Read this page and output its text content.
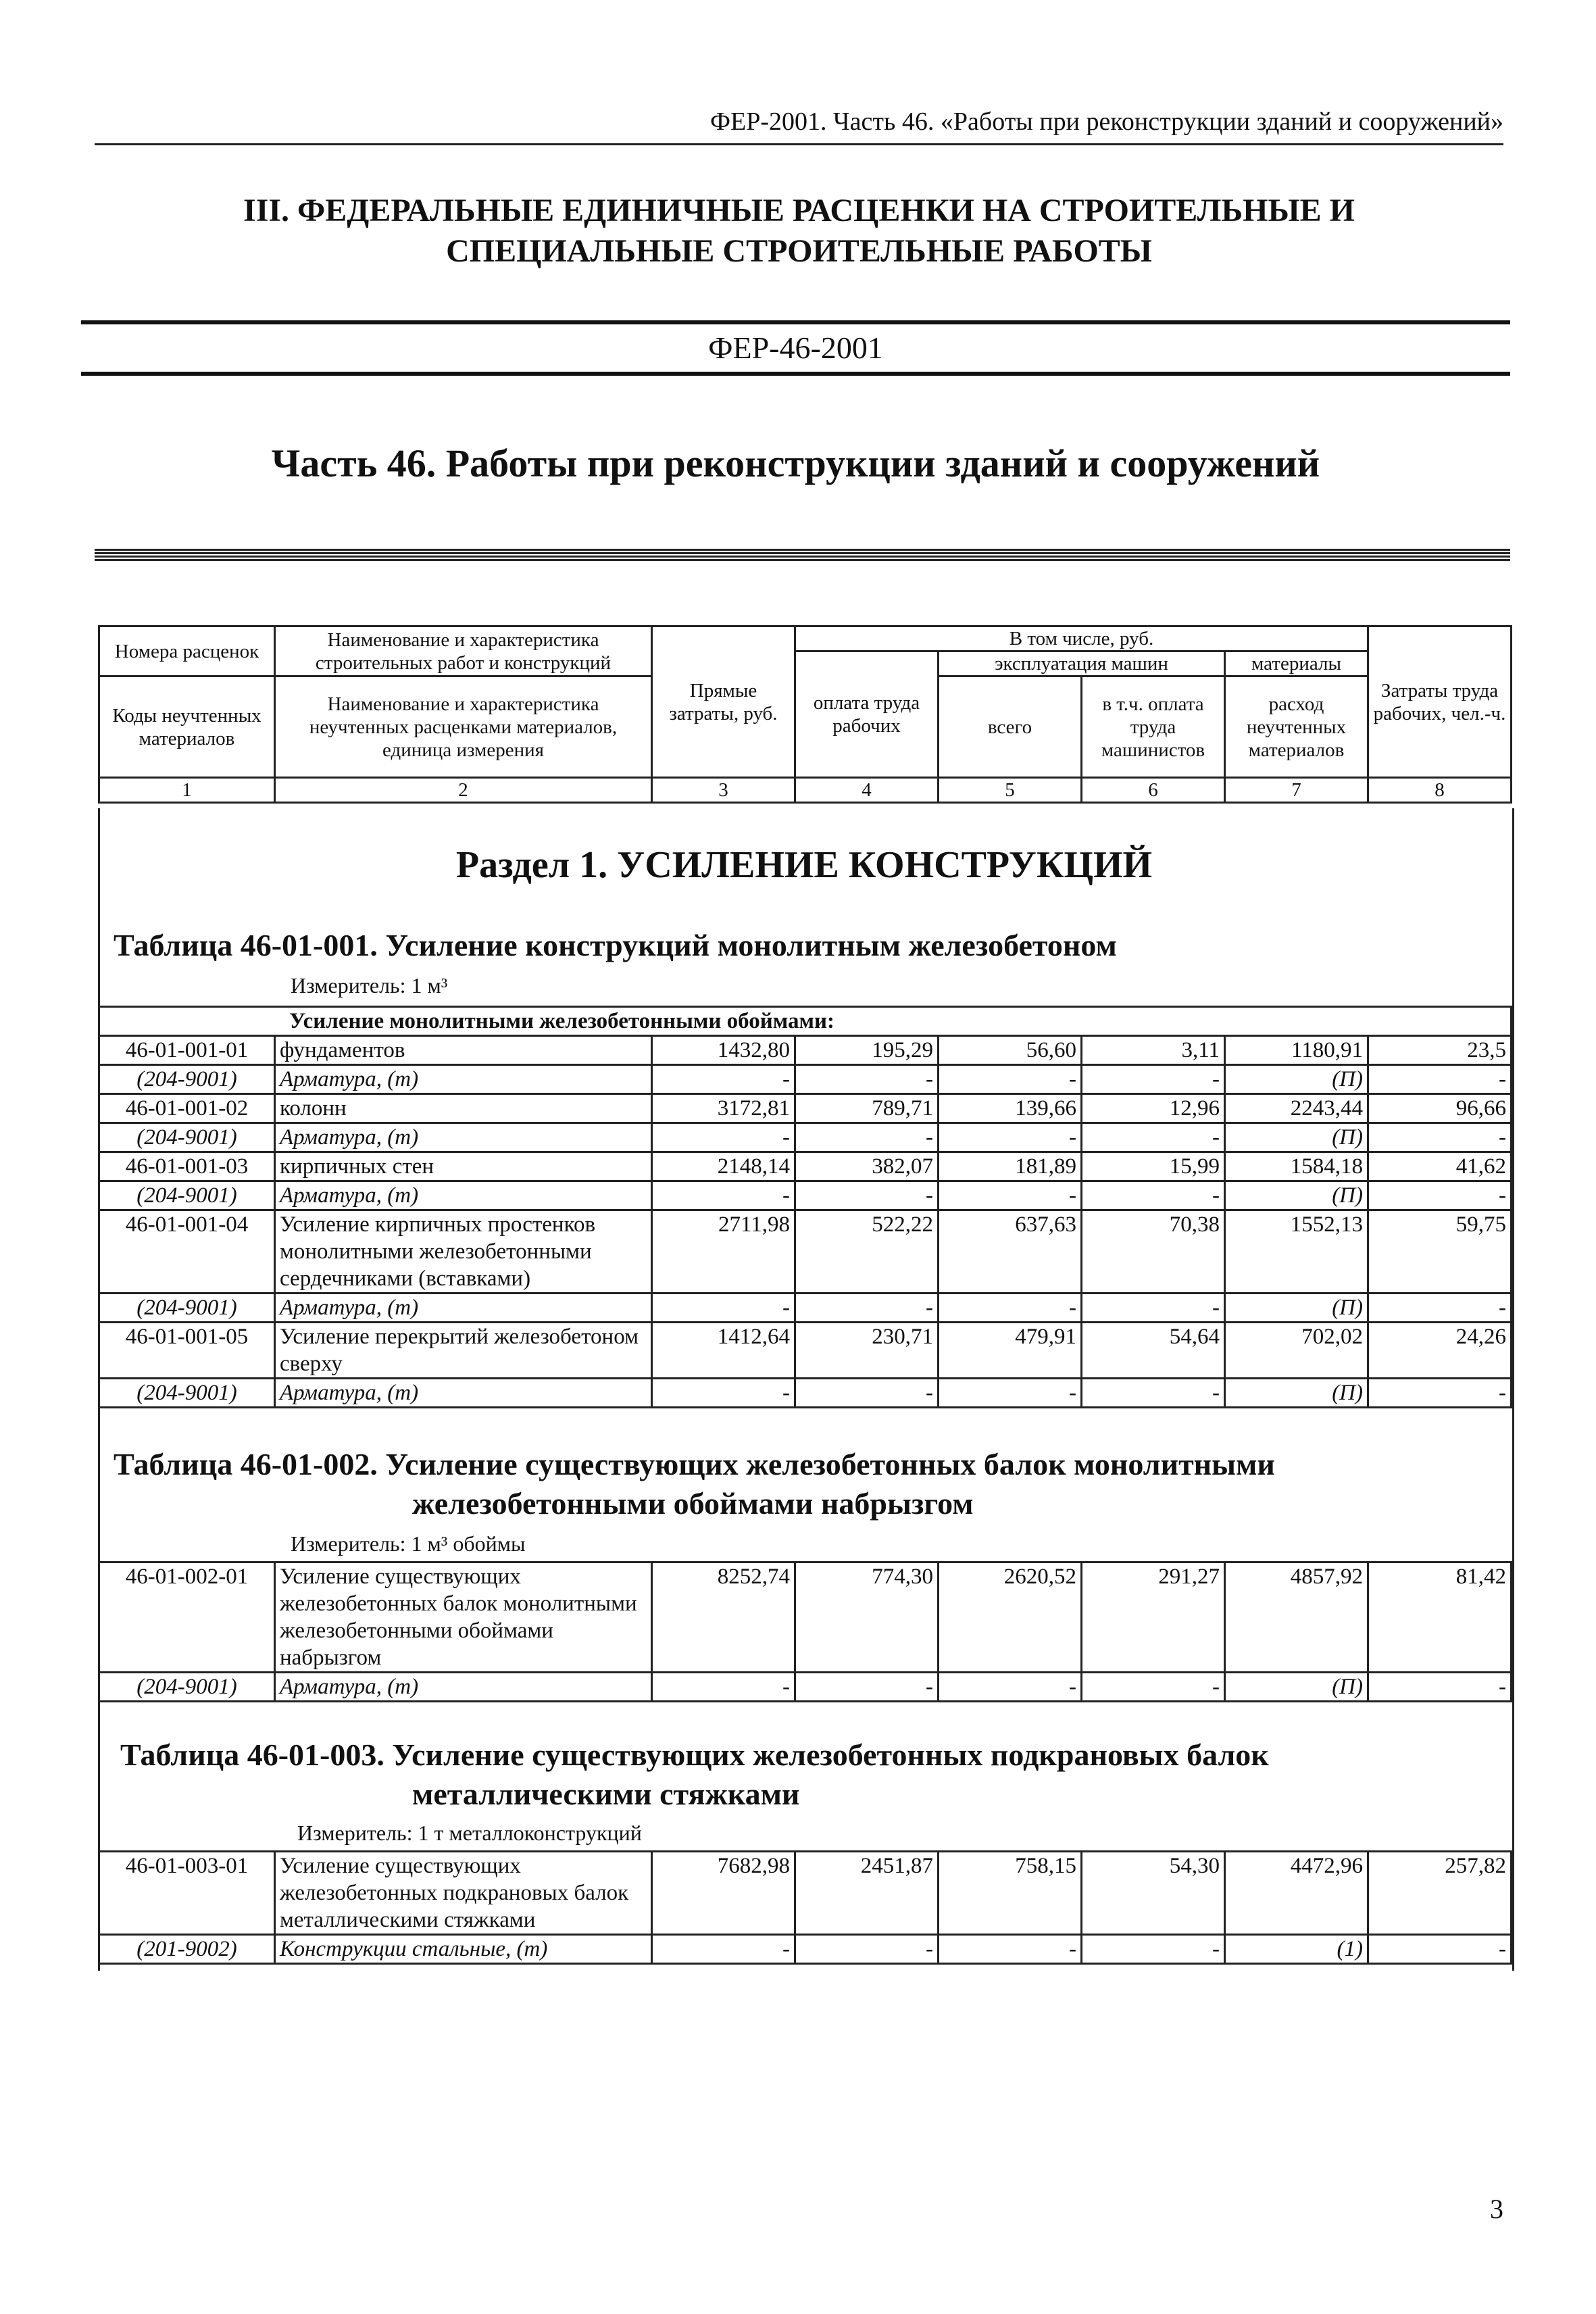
ФЕР-2001. Часть 46. «Работы при реконструкции зданий и сооружений»
III. ФЕДЕРАЛЬНЫЕ ЕДИНИЧНЫЕ РАСЦЕНКИ НА СТРОИТЕЛЬНЫЕ И
СПЕЦИАЛЬНЫЕ СТРОИТЕЛЬНЫЕ РАБОТЫ
ФЕР-46-2001
Часть 46. Работы при реконструкции зданий и сооружений
Номера расценок	Наименование и характеристика строительных работ и конструкций	Прямые затраты, руб.	В том числе, руб.				Затраты труда рабочих, чел.-ч.
			оплата труда рабочих	эксплуатация машин		материалы	
Коды неучтенных материалов	Наименование и характеристика неучтенных расценками материалов, единица измерения			всего	в т.ч. оплата труда машинистов	расход неучтенных материалов	

1	2	3	4	5	6	7	8
Раздел 1. УСИЛЕНИЕ КОНСТРУКЦИЙ
Таблица 46-01-001. Усиление конструкций монолитным железобетоном
Измеритель: 1 м³
Усиление монолитными железобетонными обоймами:							
46-01-001-01	фундаментов	1432,80	195,29	56,60	3,11	1180,91	23,5
(204-9001)	Арматура, (т)	-	-	-	-	(П)	-
46-01-001-02	колонн	3172,81	789,71	139,66	12,96	2243,44	96,66
(204-9001)	Арматура, (т)	-	-	-	-	(П)	-
46-01-001-03	кирпичных стен	2148,14	382,07	181,89	15,99	1584,18	41,62
(204-9001)	Арматура, (т)	-	-	-	-	(П)	-
46-01-001-04	Усиление кирпичных простенков монолитными железобетонными сердечниками (вставками)	2711,98	522,22	637,63	70,38	1552,13	59,75
(204-9001)	Арматура, (т)	-	-	-	-	(П)	-
46-01-001-05	Усиление перекрытий железобетоном сверху	1412,64	230,71	479,91	54,64	702,02	24,26
(204-9001)	Арматура, (т)	-	-	-	-	(П)	-
Таблица 46-01-002. Усиление существующих железобетонных балок монолитными
железобетонными обоймами набрызгом
Измеритель: 1 м³ обоймы
46-01-002-01	Усиление существующих железобетонных балок монолитными железобетонными обоймами набрызгом	8252,74	774,30	2620,52	291,27	4857,92	81,42
(204-9001)	Арматура, (т)	-	-	-	-	(П)	-
Таблица 46-01-003. Усиление существующих железобетонных подкрановых балок
металлическими стяжками
Измеритель: 1 т металлоконструкций
46-01-003-01	Усиление существующих железобетонных подкрановых балок металлическими стяжками	7682,98	2451,87	758,15	54,30	4472,96	257,82
(201-9002)	Конструкции стальные, (т)	-	-	-	-	(1)	-
3
